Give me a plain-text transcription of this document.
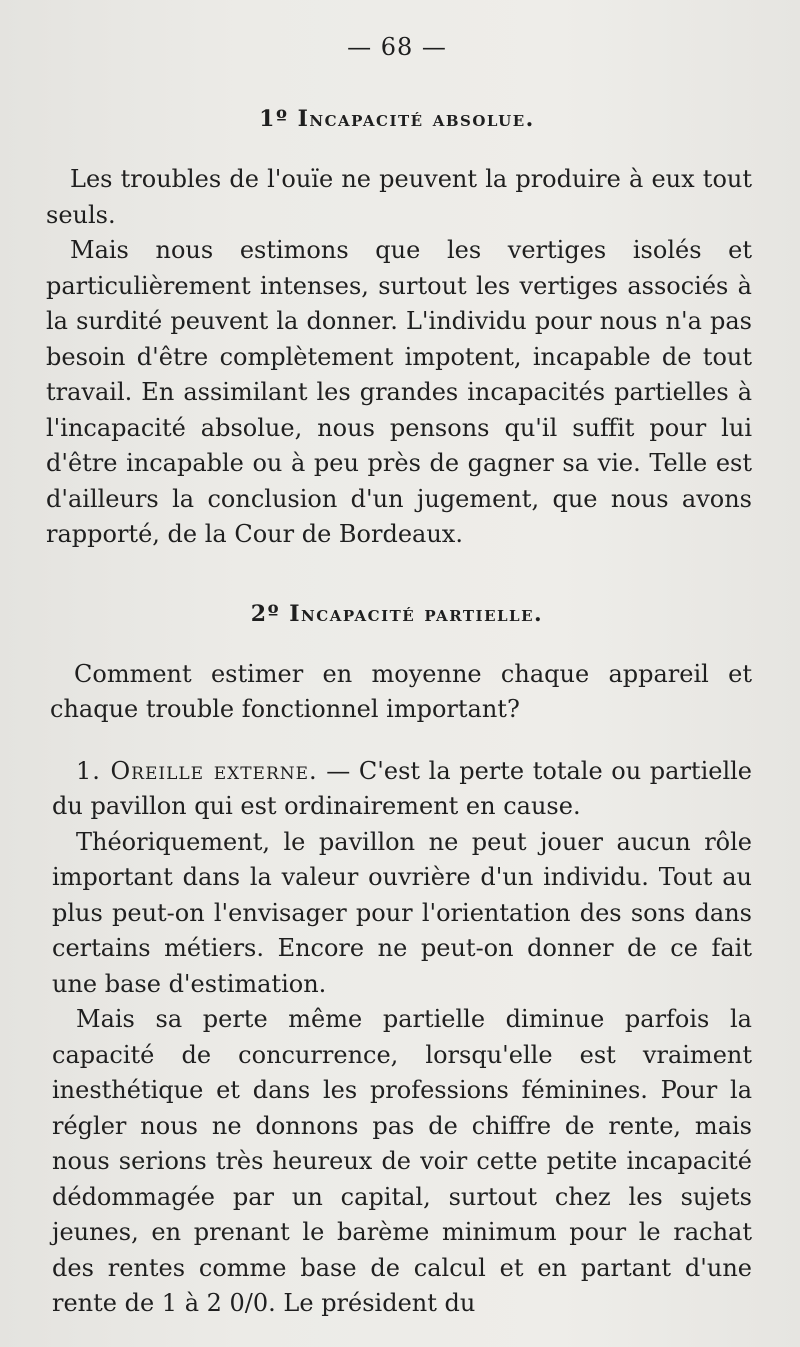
— 68 —
1º Incapacité absolue.

Les troubles de l'ouïe ne peuvent la produire à eux tout seuls.

Mais nous estimons que les vertiges isolés et particulièrement intenses, surtout les vertiges associés à la surdité peuvent la donner. L'individu pour nous n'a pas besoin d'être complètement impotent, incapable de tout travail. En assimilant les grandes incapacités partielles à l'incapacité absolue, nous pensons qu'il suffit pour lui d'être incapable ou à peu près de gagner sa vie. Telle est d'ailleurs la conclusion d'un jugement, que nous avons rapporté, de la Cour de Bordeaux.

2º Incapacité partielle.

Comment estimer en moyenne chaque appareil et chaque trouble fonctionnel important?

1. Oreille externe. — C'est la perte totale ou partielle du pavillon qui est ordinairement en cause.

Théoriquement, le pavillon ne peut jouer aucun rôle important dans la valeur ouvrière d'un individu. Tout au plus peut-on l'envisager pour l'orientation des sons dans certains métiers. Encore ne peut-on donner de ce fait une base d'estimation.

Mais sa perte même partielle diminue parfois la capacité de concurrence, lorsqu'elle est vraiment inesthétique et dans les professions féminines. Pour la régler nous ne donnons pas de chiffre de rente, mais nous serions très heureux de voir cette petite incapacité dédommagée par un capital, surtout chez les sujets jeunes, en prenant le barème minimum pour le rachat des rentes comme base de calcul et en partant d'une rente de 1 à 2 0/0. Le président du
